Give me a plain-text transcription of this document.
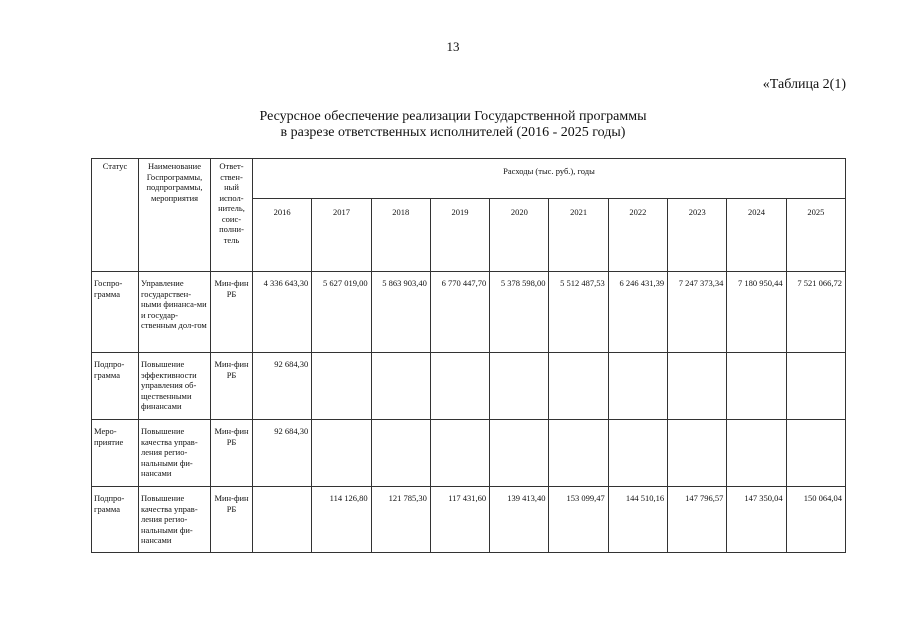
13
«Таблица 2(1)
Ресурсное обеспечение реализации Государственной программы
в разрезе ответственных исполнителей (2016 - 2025 годы)
Статус	Наименование Госпрограммы, подпрограммы, мероприятия	Ответ-ствен-ный испол-нитель, соис-полни-тель	Расходы (тыс. руб.), годы									
			2016	2017	2018	2019	2020	2021	2022	2023	2024	2025
Госпро-грамма	Управление государствен-ными финанса-ми и государ-ственным дол-гом	Мин-фин РБ	4 336 643,30	5 627 019,00	5 863 903,40	6 770 447,70	5 378 598,00	5 512 487,53	6 246 431,39	7 247 373,34	7 180 950,44	7 521 066,72
Подпро-грамма	Повышение эффективности управления об-щественными финансами	Мин-фин РБ	92 684,30									
Меро-приятие	Повышение качества управ-ления регио-нальными фи-нансами	Мин-фин РБ	92 684,30									
Подпро-грамма	Повышение качества управ-ления регио-нальными фи-нансами	Мин-фин РБ		114 126,80	121 785,30	117 431,60	139 413,40	153 099,47	144 510,16	147 796,57	147 350,04	150 064,04
